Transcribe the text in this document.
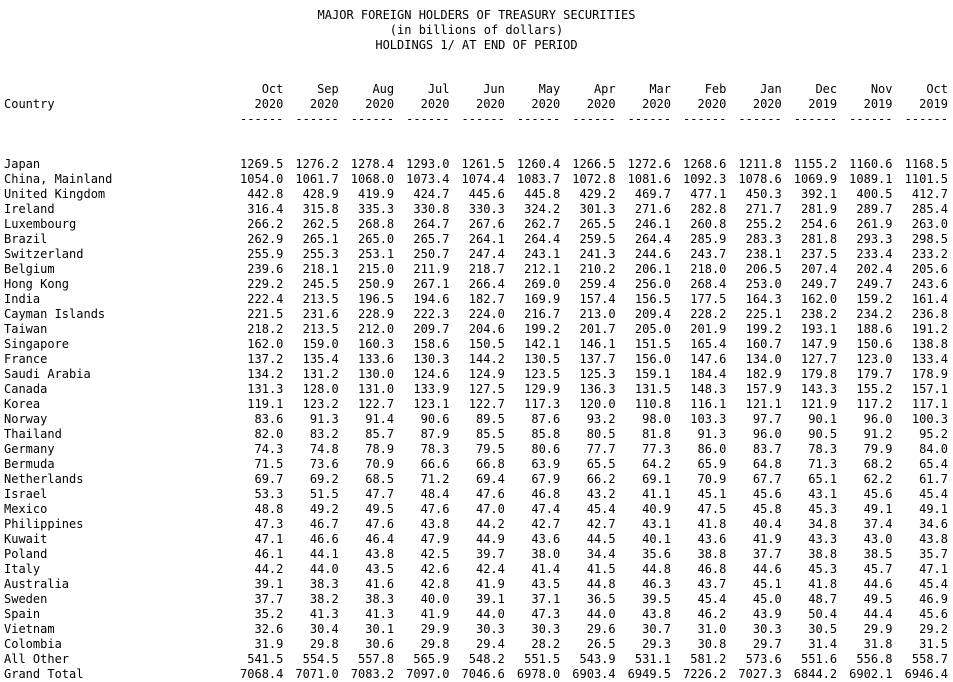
MAJOR FOREIGN HOLDERS OF TREASURY SECURITIES
(in billions of dollars)
HOLDINGS 1/ AT END OF PERIOD
	Oct	Sep	Aug	Jul	Jun	May	Apr	Mar	Feb	Jan	Dec	Nov	Oct
Country	2020	2020	2020	2020	2020	2020	2020	2020	2020	2020	2019	2019	2019
	------	------	------	------	------	------	------	------	------	------	------	------	------

Japan	1269.5	1276.2	1278.4	1293.0	1261.5	1260.4	1266.5	1272.6	1268.6	1211.8	1155.2	1160.6	1168.5
China, Mainland	1054.0	1061.7	1068.0	1073.4	1074.4	1083.7	1072.8	1081.6	1092.3	1078.6	1069.9	1089.1	1101.5
United Kingdom	442.8	428.9	419.9	424.7	445.6	445.8	429.2	469.7	477.1	450.3	392.1	400.5	412.7
Ireland	316.4	315.8	335.3	330.8	330.3	324.2	301.3	271.6	282.8	271.7	281.9	289.7	285.4
Luxembourg	266.2	262.5	268.8	264.7	267.6	262.7	265.5	246.1	260.8	255.2	254.6	261.9	263.0
Brazil	262.9	265.1	265.0	265.7	264.1	264.4	259.5	264.4	285.9	283.3	281.8	293.3	298.5
Switzerland	255.9	255.3	253.1	250.7	247.4	243.1	241.3	244.6	243.7	238.1	237.5	233.4	233.2
Belgium	239.6	218.1	215.0	211.9	218.7	212.1	210.2	206.1	218.0	206.5	207.4	202.4	205.6
Hong Kong	229.2	245.5	250.9	267.1	266.4	269.0	259.4	256.0	268.4	253.0	249.7	249.7	243.6
India	222.4	213.5	196.5	194.6	182.7	169.9	157.4	156.5	177.5	164.3	162.0	159.2	161.4
Cayman Islands	221.5	231.6	228.9	222.3	224.0	216.7	213.0	209.4	228.2	225.1	238.2	234.2	236.8
Taiwan	218.2	213.5	212.0	209.7	204.6	199.2	201.7	205.0	201.9	199.2	193.1	188.6	191.2
Singapore	162.0	159.0	160.3	158.6	150.5	142.1	146.1	151.5	165.4	160.7	147.9	150.6	138.8
France	137.2	135.4	133.6	130.3	144.2	130.5	137.7	156.0	147.6	134.0	127.7	123.0	133.4
Saudi Arabia	134.2	131.2	130.0	124.6	124.9	123.5	125.3	159.1	184.4	182.9	179.8	179.7	178.9
Canada	131.3	128.0	131.0	133.9	127.5	129.9	136.3	131.5	148.3	157.9	143.3	155.2	157.1
Korea	119.1	123.2	122.7	123.1	122.7	117.3	120.0	110.8	116.1	121.1	121.9	117.2	117.1
Norway	83.6	91.3	91.4	90.6	89.5	87.6	93.2	98.0	103.3	97.7	90.1	96.0	100.3
Thailand	82.0	83.2	85.7	87.9	85.5	85.8	80.5	81.8	91.3	96.0	90.5	91.2	95.2
Germany	74.3	74.8	78.9	78.3	79.5	80.6	77.7	77.3	86.0	83.7	78.3	79.9	84.0
Bermuda	71.5	73.6	70.9	66.6	66.8	63.9	65.5	64.2	65.9	64.8	71.3	68.2	65.4
Netherlands	69.7	69.2	68.5	71.2	69.4	67.9	66.2	69.1	70.9	67.7	65.1	62.2	61.7
Israel	53.3	51.5	47.7	48.4	47.6	46.8	43.2	41.1	45.1	45.6	43.1	45.6	45.4
Mexico	48.8	49.2	49.5	47.6	47.0	47.4	45.4	40.9	47.5	45.8	45.3	49.1	49.1
Philippines	47.3	46.7	47.6	43.8	44.2	42.7	42.7	43.1	41.8	40.4	34.8	37.4	34.6
Kuwait	47.1	46.6	46.4	47.9	44.9	43.6	44.5	40.1	43.6	41.9	43.3	43.0	43.8
Poland	46.1	44.1	43.8	42.5	39.7	38.0	34.4	35.6	38.8	37.7	38.8	38.5	35.7
Italy	44.2	44.0	43.5	42.6	42.4	41.4	41.5	44.8	46.8	44.6	45.3	45.7	47.1
Australia	39.1	38.3	41.6	42.8	41.9	43.5	44.8	46.3	43.7	45.1	41.8	44.6	45.4
Sweden	37.7	38.2	38.3	40.0	39.1	37.1	36.5	39.5	45.4	45.0	48.7	49.5	46.9
Spain	35.2	41.3	41.3	41.9	44.0	47.3	44.0	43.8	46.2	43.9	50.4	44.4	45.6
Vietnam	32.6	30.4	30.1	29.9	30.3	30.3	29.6	30.7	31.0	30.3	30.5	29.9	29.2
Colombia	31.9	29.8	30.6	29.8	29.4	28.2	26.5	29.3	30.8	29.7	31.4	31.8	31.5
All Other	541.5	554.5	557.8	565.9	548.2	551.5	543.9	531.1	581.2	573.6	551.6	556.8	558.7
Grand Total	7068.4	7071.0	7083.2	7097.0	7046.6	6978.0	6903.4	6949.5	7226.2	7027.3	6844.2	6902.1	6946.4
